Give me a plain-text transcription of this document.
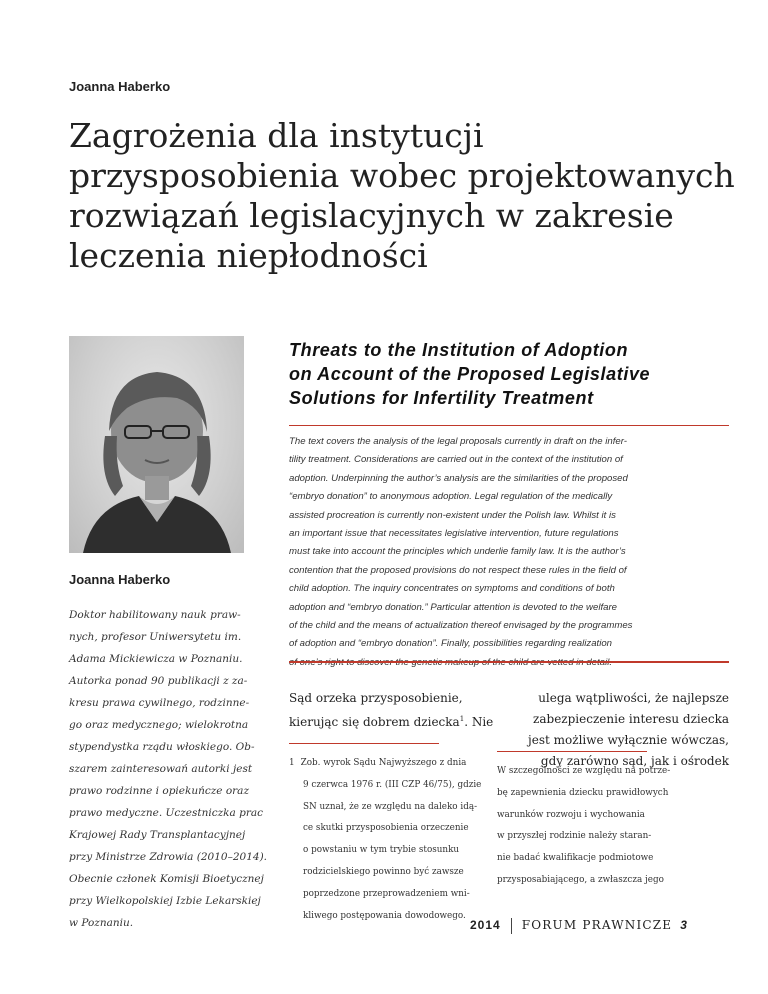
Joanna Haberko
Zagrożenia dla instytucji
przysposobienia wobec projektowanych
rozwiązań legislacyjnych w zakresie
leczenia niepłodności
Joanna Haberko
Doktor habilitowany nauk praw-
nych, profesor Uniwersytetu im.
Adama Mickiewicza w Poznaniu.
Autorka ponad 90 publikacji z za-
kresu prawa cywilnego, rodzinne-
go oraz medycznego; wielokrotna
stypendystka rządu włoskiego. Ob-
szarem zainteresowań autorki jest
prawo rodzinne i opiekuńcze oraz
prawo medyczne. Uczestniczka prac
Krajowej Rady Transplantacyjnej
przy Ministrze Zdrowia (2010–2014).
Obecnie członek Komisji Bioetycznej
przy Wielkopolskiej Izbie Lekarskiej
w Poznaniu.
Threats to the Institution of Adoption
on Account of the Proposed Legislative
Solutions for Infertility Treatment
The text covers the analysis of the legal proposals currently in draft on the infer-
tility treatment. Considerations are carried out in the context of the institution of
adoption. Underpinning the author’s analysis are the similarities of the proposed
“embryo donation” to anonymous adoption. Legal regulation of the medically
assisted procreation is currently non-existent under the Polish law. Whilst it is
an important issue that necessitates legislative intervention, future regulations
must take into account the principles which underlie family law. It is the author’s
contention that the proposed provisions do not respect these rules in the field of
child adoption. The inquiry concentrates on symptoms and conditions of both
adoption and “embryo donation.” Particular attention is devoted to the welfare
of the child and the means of actualization thereof envisaged by the programmes
of adoption and “embryo donation”. Finally, possibilities regarding realization
Sąd orzeka przysposobienie,
kierując się dobrem dziecka$^1$. Nie
ulega wątpliwości, że najlepsze
zabezpieczenie interesu dziecka
jest możliwe wyłącznie wówczas,
gdy zarówno sąd, jak i ośrodek
1 Zob. wyrok Sądu Najwyższego z dnia
9 czerwca 1976 r. (III CZP 46/75), gdzie
SN uznał, że ze względu na daleko idą-
ce skutki przysposobienia orzeczenie
o powstaniu w tym trybie stosunku
rodzicielskiego powinno być zawsze
poprzedzone przeprowadzeniem wni-
kliwego postępowania dowodowego.
W szczególności ze względu na potrze-
bę zapewnienia dziecku prawidłowych
warunków rozwoju i wychowania
w przyszłej rodzinie należy staran-
nie badać kwalifikacje podmiotowe
przysposabiającego, a zwłaszcza jego
2014 FORUM PRAWNICZE 3
